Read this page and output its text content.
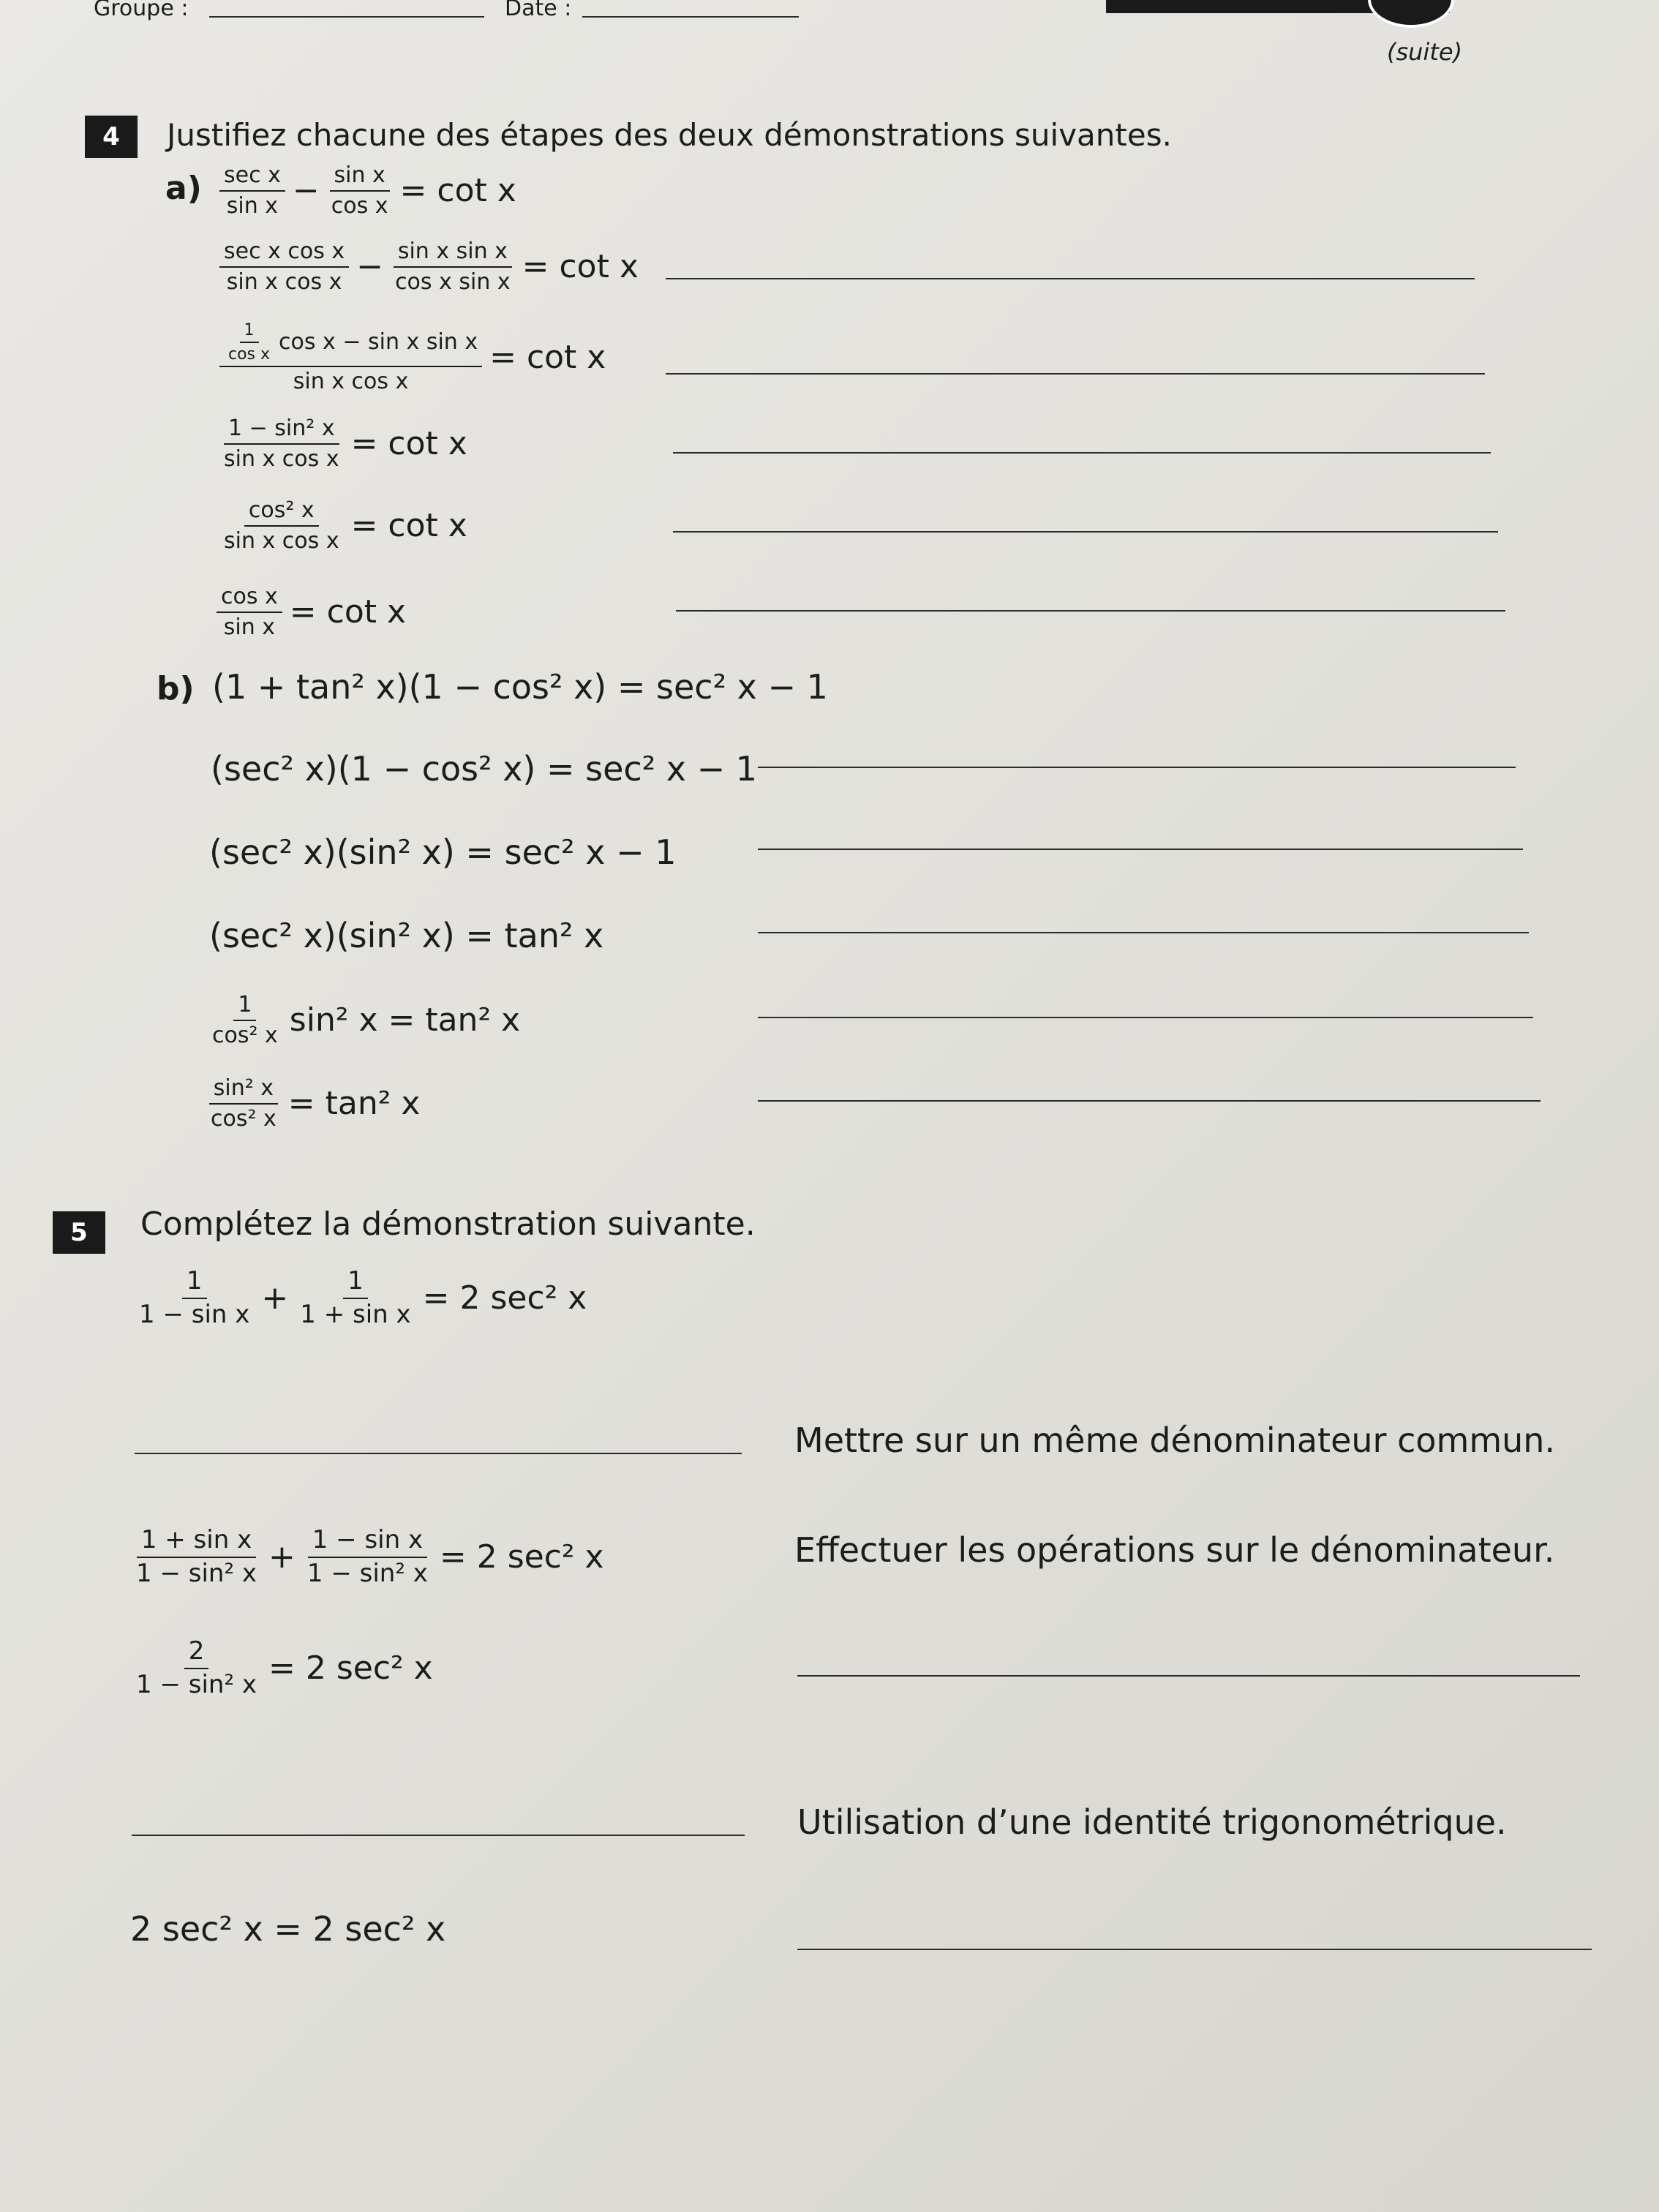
Groupe :	Date :
(suite)
4	Justifiez chacune des étapes des deux démonstrations suivantes.
$a) \frac{\text{sec x}}{\text{sin x}} - \frac{\text{sin x}}{\text{cos x}} = \cot x$
$\frac{\text{sec x cos x}}{\text{sin x cos x}} - \frac{\text{sin x sin x}}{\text{cos x sin x}} = \cot x$
$\frac{\frac{1}{\text{cos x}} \cos x - \sin x \sin x}{\text{sin x cos x}} = \cot x$
$\frac{\text{1 − sin² x}}{\text{sin x cos x}} = \cot x$
$\frac{\text{cos² x}}{\text{sin x cos x}} = \cot x$
$\frac{\text{cos x}}{\text{sin x}} = \cot x$
b) (1 + tan² x)(1 − cos² x) = sec² x − 1
(sec² x)(1 − cos² x) = sec² x − 1
(sec² x)(sin² x) = sec² x − 1
(sec² x)(sin² x) = tan² x
$\frac{1}{\text{cos² x}} \sin^2$ x = tan² x
$\frac{\text{sin² x}}{\text{cos² x}} = \tan^2$ x
5	Complétez la démonstration suivante.
$\frac{1}{\text{1 − sin x}} + \frac{1}{\text{1 + sin x}} = 2$ sec² x
Mettre sur un même dénominateur commun.
$\frac{\text{1 + sin x}}{\text{1 − sin² x}} + \frac{\text{1 − sin x}}{\text{1 − sin² x}} = 2$ sec² x	Effectuer les opérations sur le dénominateur.
$\frac{2}{\text{1 − sin² x}} = 2$ sec² x
Utilisation d’une identité trigonométrique.
2 sec² x = 2 sec² x
